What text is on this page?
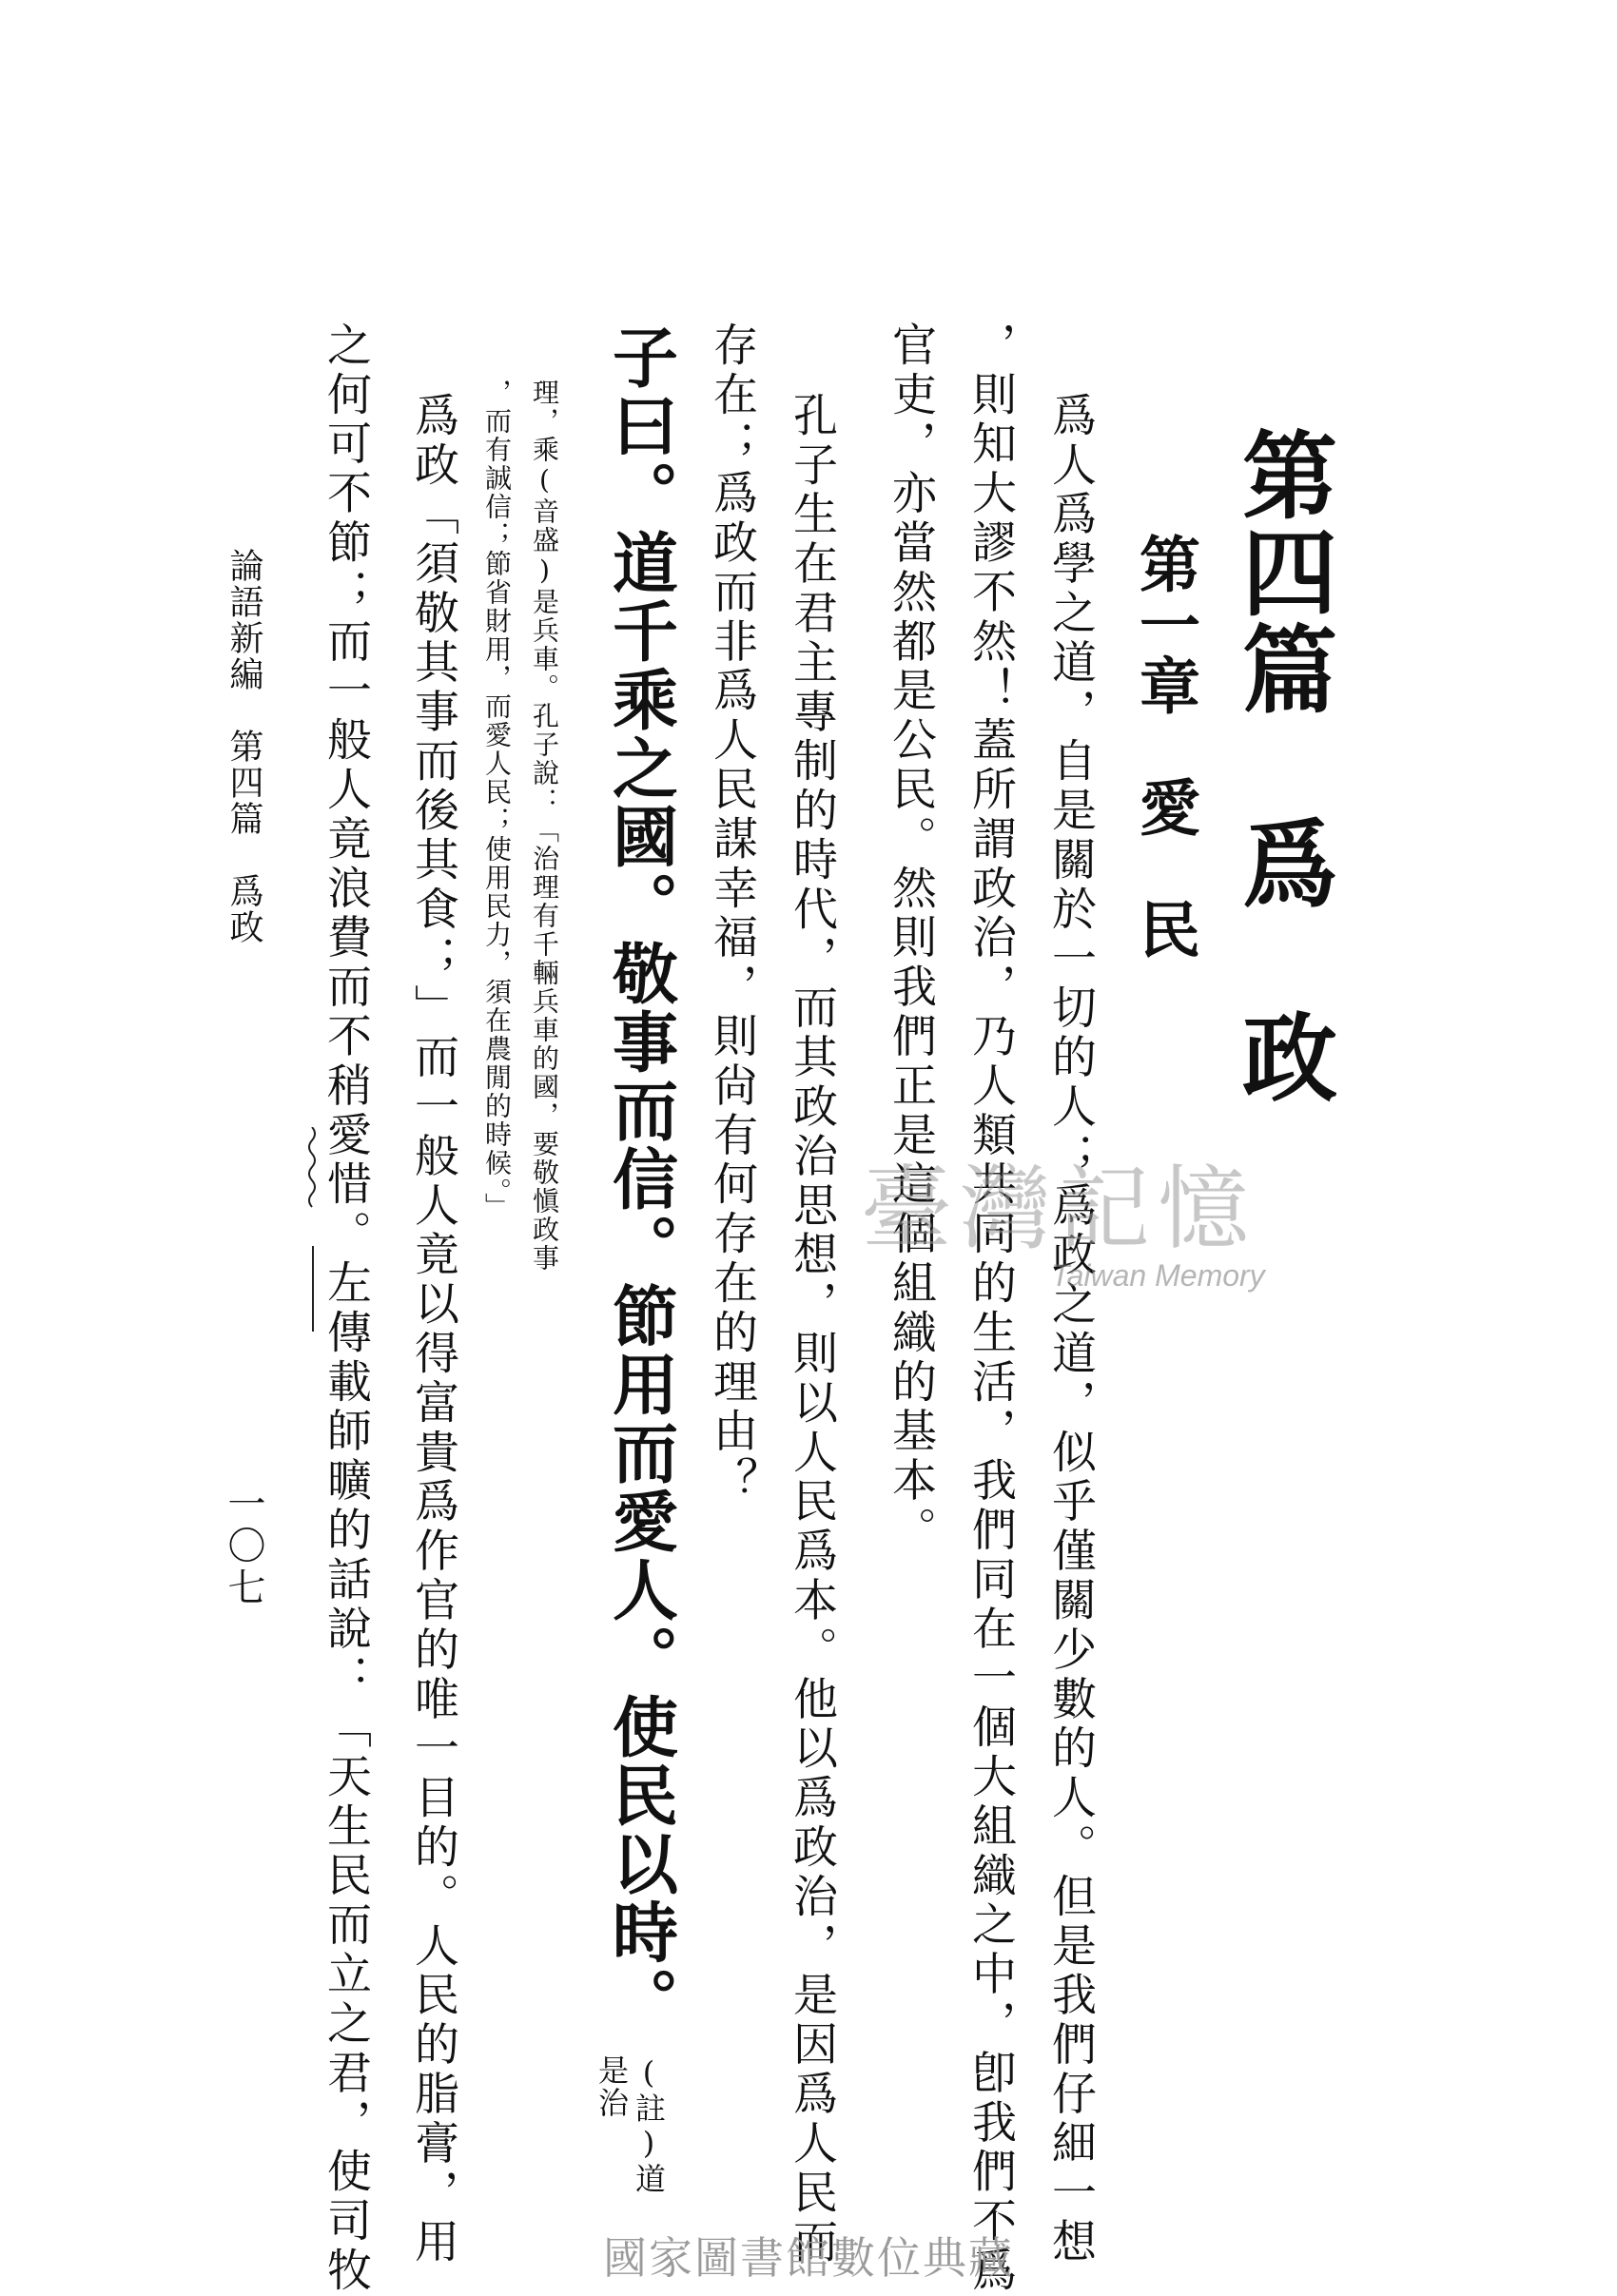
第四篇　爲　政
第一章　愛　民
爲人爲學之道，自是關於一切的人；爲政之道，似乎僅關少數的人。但是我們仔細一想
，則知大謬不然！蓋所謂政治，乃人類共同的生活，我們同在一個大組織之中，卽我們不爲
官吏，亦當然都是公民。然則我們正是這個組織的基本。
孔子生在君主專制的時代，而其政治思想，則以人民爲本。他以爲政治，是因爲人民而
存在；爲政而非爲人民謀幸福，則尙有何存在的理由？
子曰。道千乘之國。敬事而信。節用而愛人。使民以時。
(註)道
是治
理，乘(音盛)是兵車。孔子說：「治理有千輛兵車的國，要敬愼政事
，而有誠信；節省財用，而愛人民；使用民力，須在農閒的時候。」
爲政「須敬其事而後其食；」而一般人竟以得富貴爲作官的唯一目的。人民的脂膏，用
之何可不節；而一般人竟浪費而不稍愛惜。左傳載師曠的話說：「天生民而立之君，使司牧
論語新編　第四篇　爲政
一〇七
臺灣記憶
Taiwan Memory
國家圖書館數位典藏
